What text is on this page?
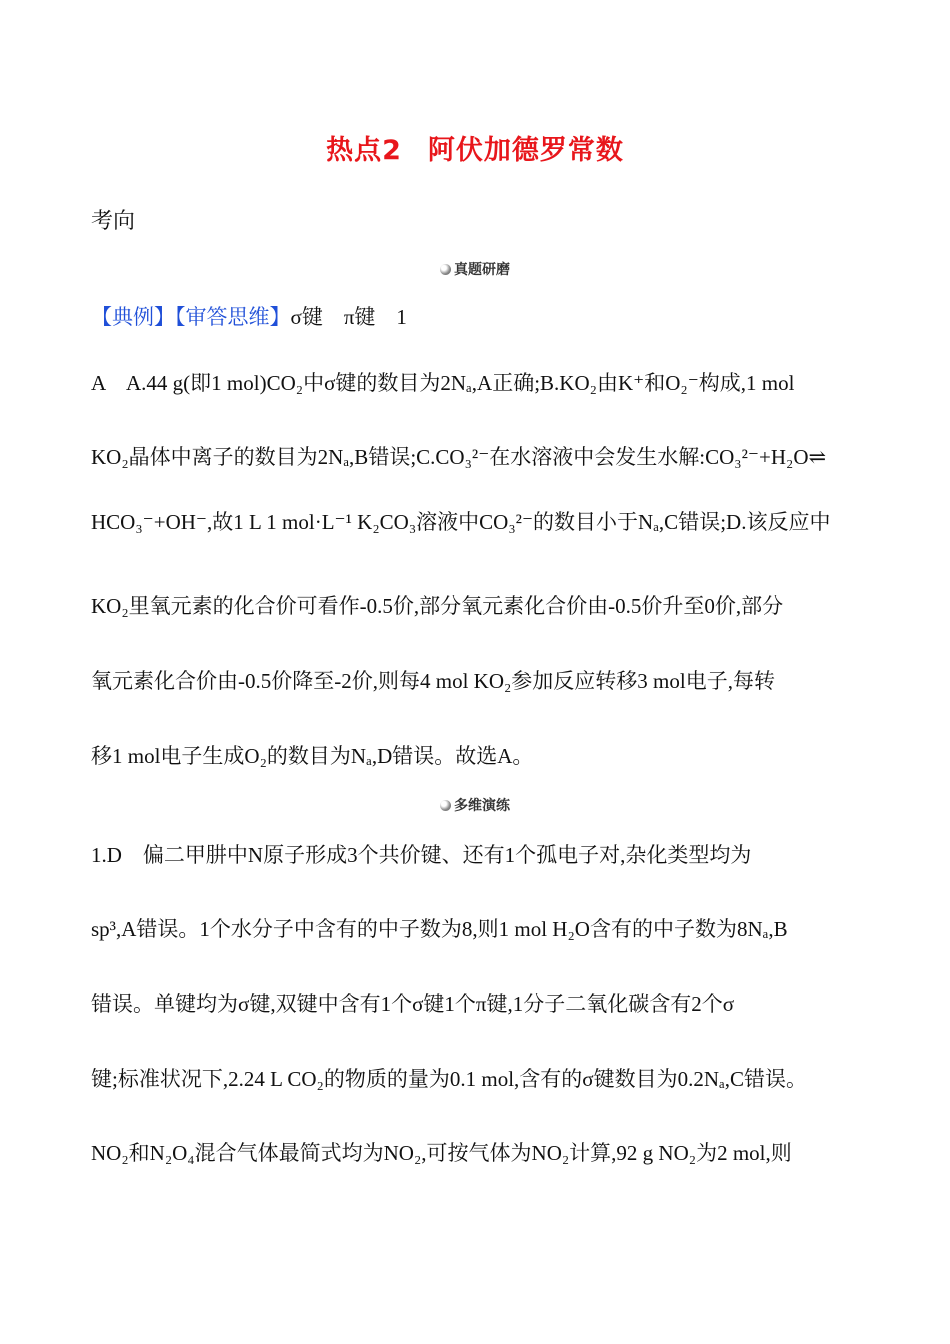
热点2 阿伏加德罗常数
考向
真题研磨
【典例】【审答思维】σ键　π键　1
A　A.44 g(即1 mol)CO₂中σ键的数目为2Nₐ,A正确;B.KO₂由K⁺和O₂⁻构成,1 mol
KO₂晶体中离子的数目为2Nₐ,B错误;C.CO₃²⁻在水溶液中会发生水解:CO₃²⁻+H₂O⇌
HCO₃⁻+OH⁻,故1 L 1 mol·L⁻¹ K₂CO₃溶液中CO₃²⁻的数目小于Nₐ,C错误;D.该反应中
KO₂里氧元素的化合价可看作-0.5价,部分氧元素化合价由-0.5价升至0价,部分
氧元素化合价由-0.5价降至-2价,则每4 mol KO₂参加反应转移3 mol电子,每转
移1 mol电子生成O₂的数目为Nₐ,D错误。故选A。
多维演练
1.D　偏二甲肼中N原子形成3个共价键、还有1个孤电子对,杂化类型均为
sp³,A错误。1个水分子中含有的中子数为8,则1 mol H₂O含有的中子数为8Nₐ,B
错误。单键均为σ键,双键中含有1个σ键1个π键,1分子二氧化碳含有2个σ
键;标准状况下,2.24 L CO₂的物质的量为0.1 mol,含有的σ键数目为0.2Nₐ,C错误。
NO₂和N₂O₄混合气体最简式均为NO₂,可按气体为NO₂计算,92 g NO₂为2 mol,则
